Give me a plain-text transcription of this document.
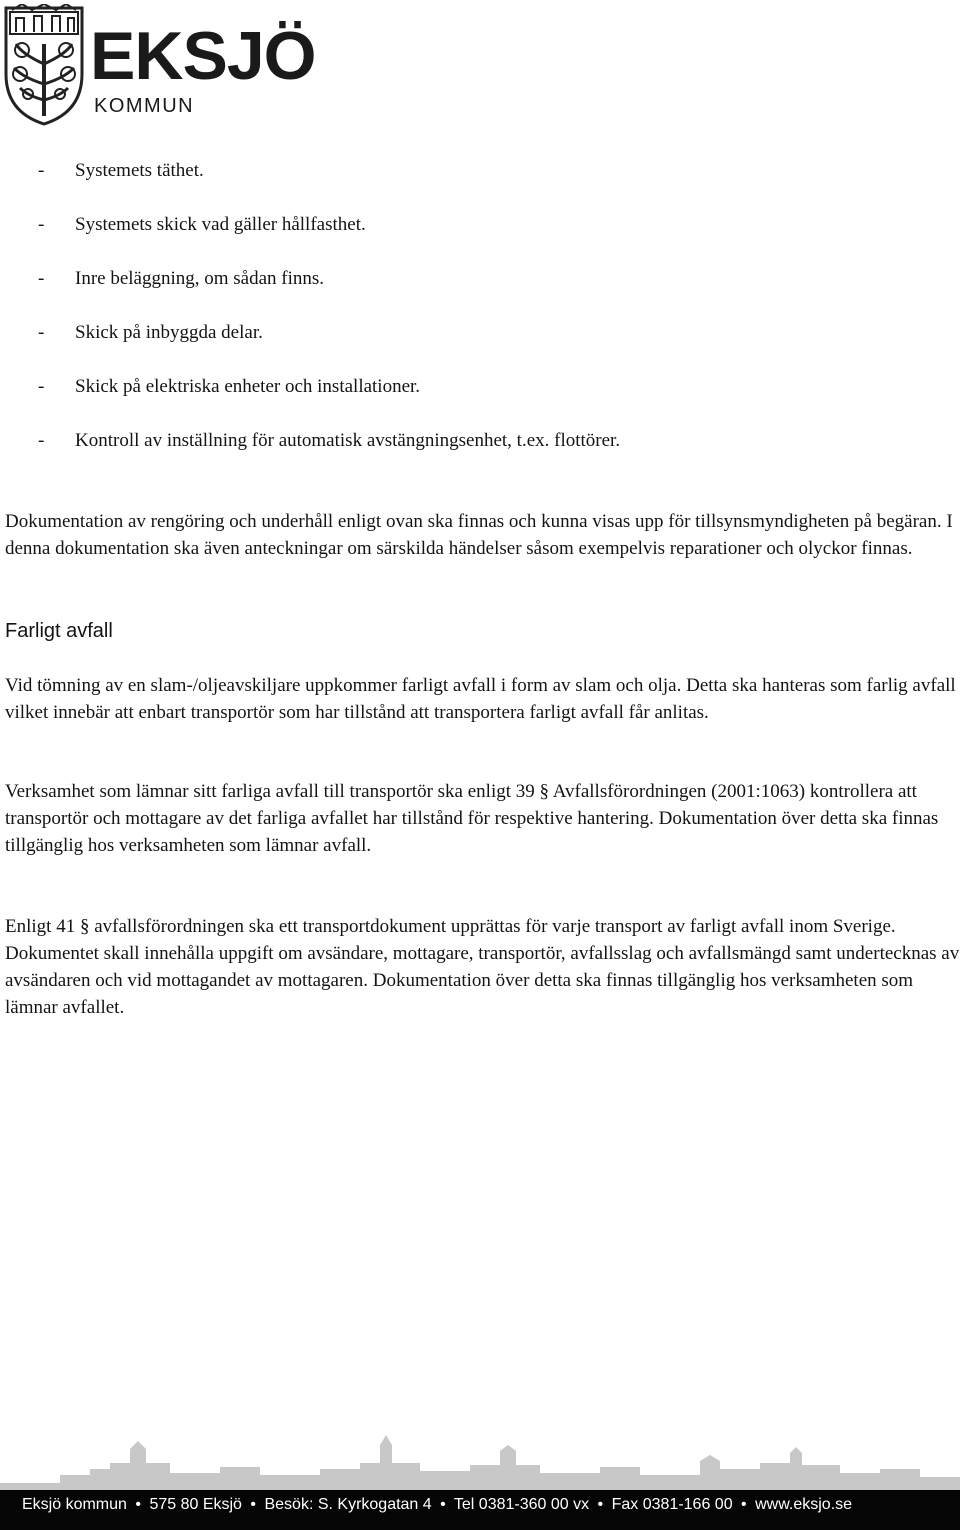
EKSJÖ
KOMMUN
- Systemets täthet.
- Systemets skick vad gäller hållfasthet.
- Inre beläggning, om sådan finns.
- Skick på inbyggda delar.
- Skick på elektriska enheter och installationer.
- Kontroll av inställning för automatisk avstängningsenhet, t.ex. flottörer.

Dokumentation av rengöring och underhåll enligt ovan ska finnas och kunna visas upp för tillsynsmyndigheten på begäran. I denna dokumentation ska även anteckningar om särskilda händelser såsom exempelvis reparationer och olyckor finnas.

Farligt avfall

Vid tömning av en slam-/oljeavskiljare uppkommer farligt avfall i form av slam och olja. Detta ska hanteras som farlig avfall vilket innebär att enbart transportör som har tillstånd att transportera farligt avfall får anlitas.

Verksamhet som lämnar sitt farliga avfall till transportör ska enligt 39 § Avfallsförordningen (2001:1063) kontrollera att transportör och mottagare av det farliga avfallet har tillstånd för respektive hantering. Dokumentation över detta ska finnas tillgänglig hos verksamheten som lämnar avfall.

Enligt 41 § avfallsförordningen ska ett transportdokument upprättas för varje transport av farligt avfall inom Sverige. Dokumentet skall innehålla uppgift om avsändare, mottagare, transportör, avfallsslag och avfallsmängd samt undertecknas av avsändaren och vid mottagandet av mottagaren. Dokumentation över detta ska finnas tillgänglig hos verksamheten som lämnar avfallet.

Eksjö kommun • 575 80 Eksjö • Besök: S. Kyrkogatan 4 • Tel 0381-360 00 vx • Fax 0381-166 00 • www.eksjo.se
